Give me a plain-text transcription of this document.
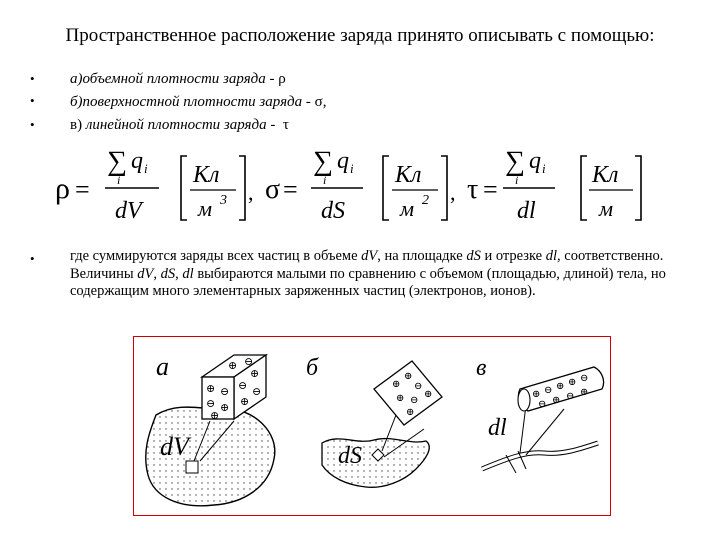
Пространственное расположение заряда принято описывать с помощью:
•
•
•
•
а)объемной плотности заряда - ρ
б)поверхностной плотности заряда - σ,
в) линейной плотности заряда -  τ
ρ =
∑ q i
i
dV
Кл
м 3 , σ =
∑ q i
i
dS
Кл
м 2 , τ =
∑ q i
i
dl
Кл
м
где суммируются заряды всех частиц в объеме dV, на площадке dS и отрезке dl, соответственно. Величины dV, dS, dl выбираются малыми по сравнению с объемом (площадью, длиной) тела, но содержащим много элементарных заряженных частиц (электронов, ионов).
а
⊕ ⊖
⊖ ⊕
⊕
⊖
⊕
⊕
⊖
⊕ ⊖
dV
б
dS
⊕
⊕
⊖
⊕ ⊖
⊕
⊕
в
dl
⊕ ⊖ ⊕ ⊕ ⊖
⊖ ⊕ ⊖ ⊕
